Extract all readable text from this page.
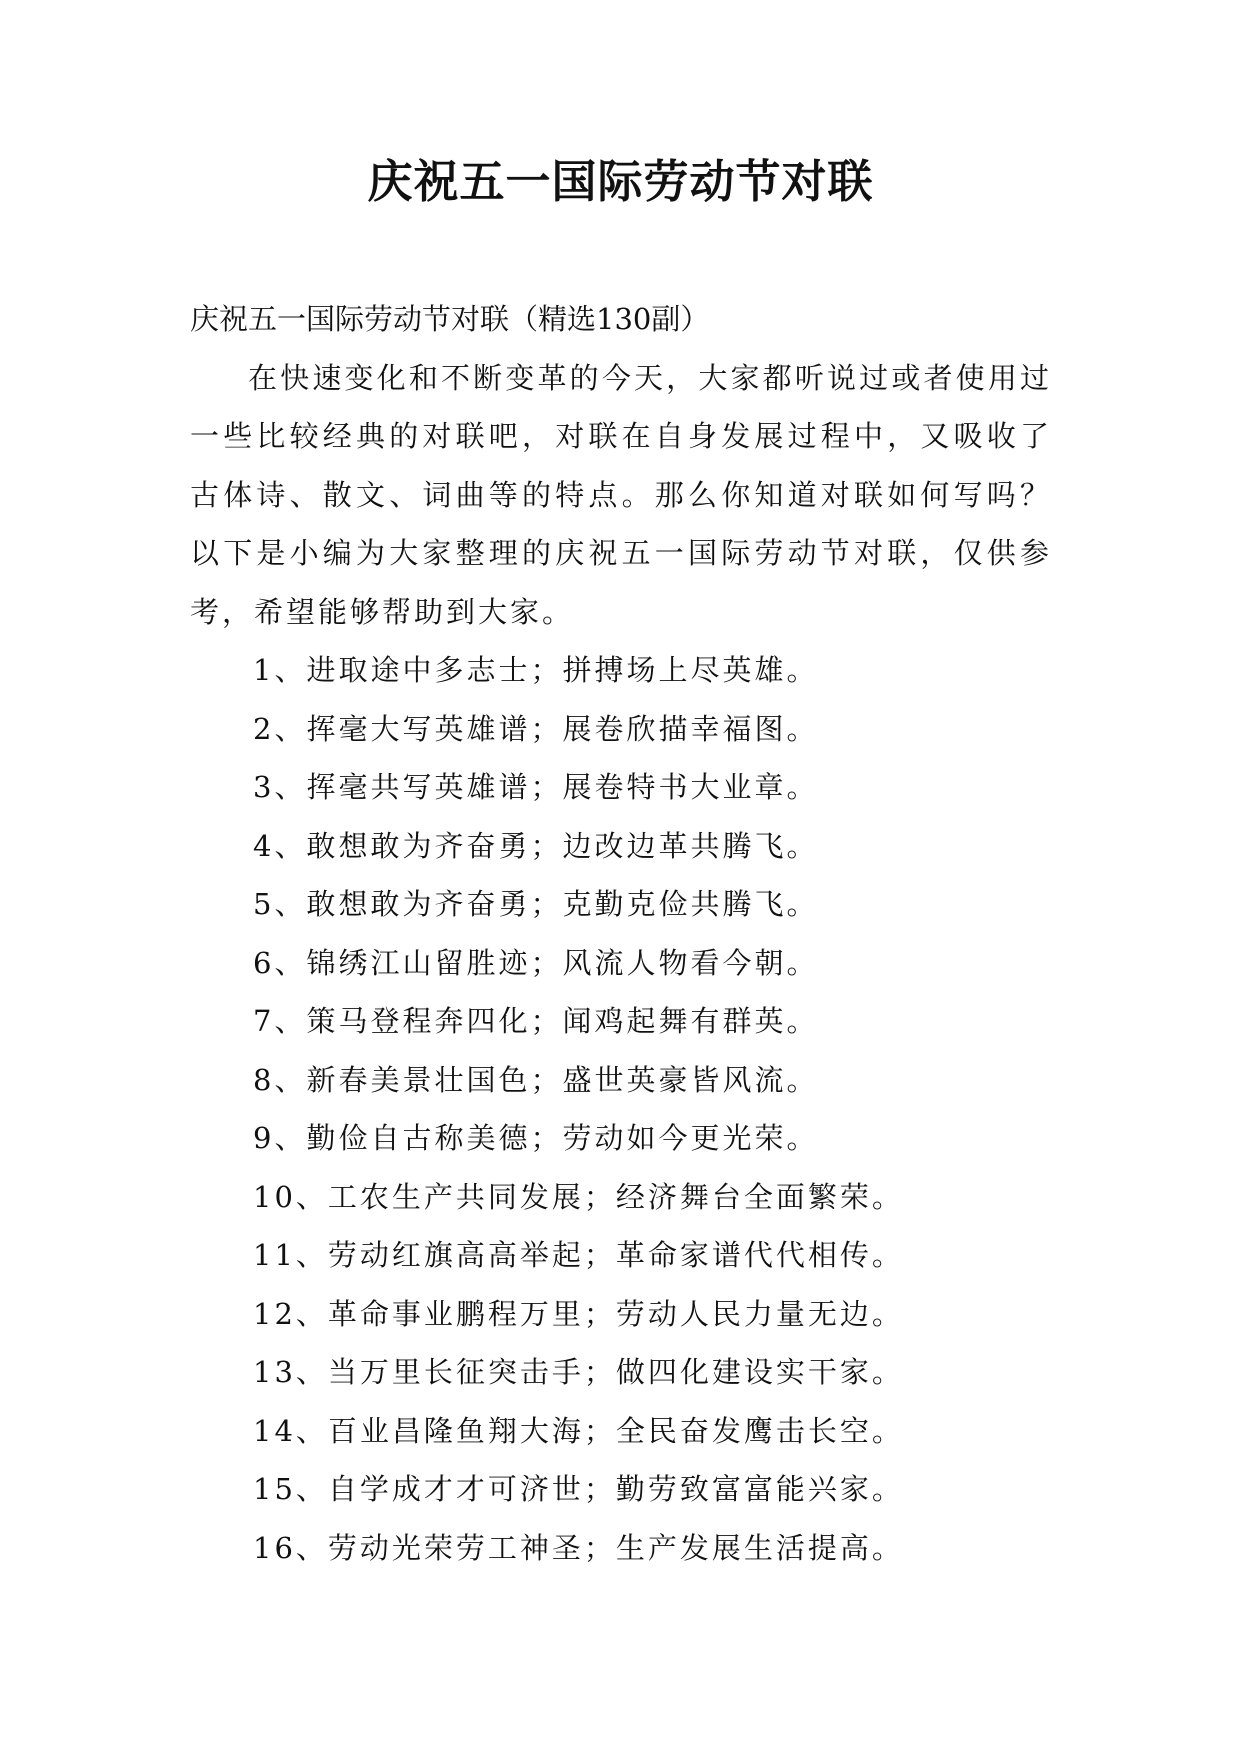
庆祝五一国际劳动节对联

庆祝五一国际劳动节对联（精选130副）

在快速变化和不断变革的今天，大家都听说过或者使用过一些比较经典的对联吧，对联在自身发展过程中，又吸收了古体诗、散文、词曲等的特点。那么你知道对联如何写吗？以下是小编为大家整理的庆祝五一国际劳动节对联，仅供参考，希望能够帮助到大家。

1、进取途中多志士；拼搏场上尽英雄。
2、挥毫大写英雄谱；展卷欣描幸福图。
3、挥毫共写英雄谱；展卷特书大业章。
4、敢想敢为齐奋勇；边改边革共腾飞。
5、敢想敢为齐奋勇；克勤克俭共腾飞。
6、锦绣江山留胜迹；风流人物看今朝。
7、策马登程奔四化；闻鸡起舞有群英。
8、新春美景壮国色；盛世英豪皆风流。
9、勤俭自古称美德；劳动如今更光荣。
10、工农生产共同发展；经济舞台全面繁荣。
11、劳动红旗高高举起；革命家谱代代相传。
12、革命事业鹏程万里；劳动人民力量无边。
13、当万里长征突击手；做四化建设实干家。
14、百业昌隆鱼翔大海；全民奋发鹰击长空。
15、自学成才才可济世；勤劳致富富能兴家。
16、劳动光荣劳工神圣；生产发展生活提高。
